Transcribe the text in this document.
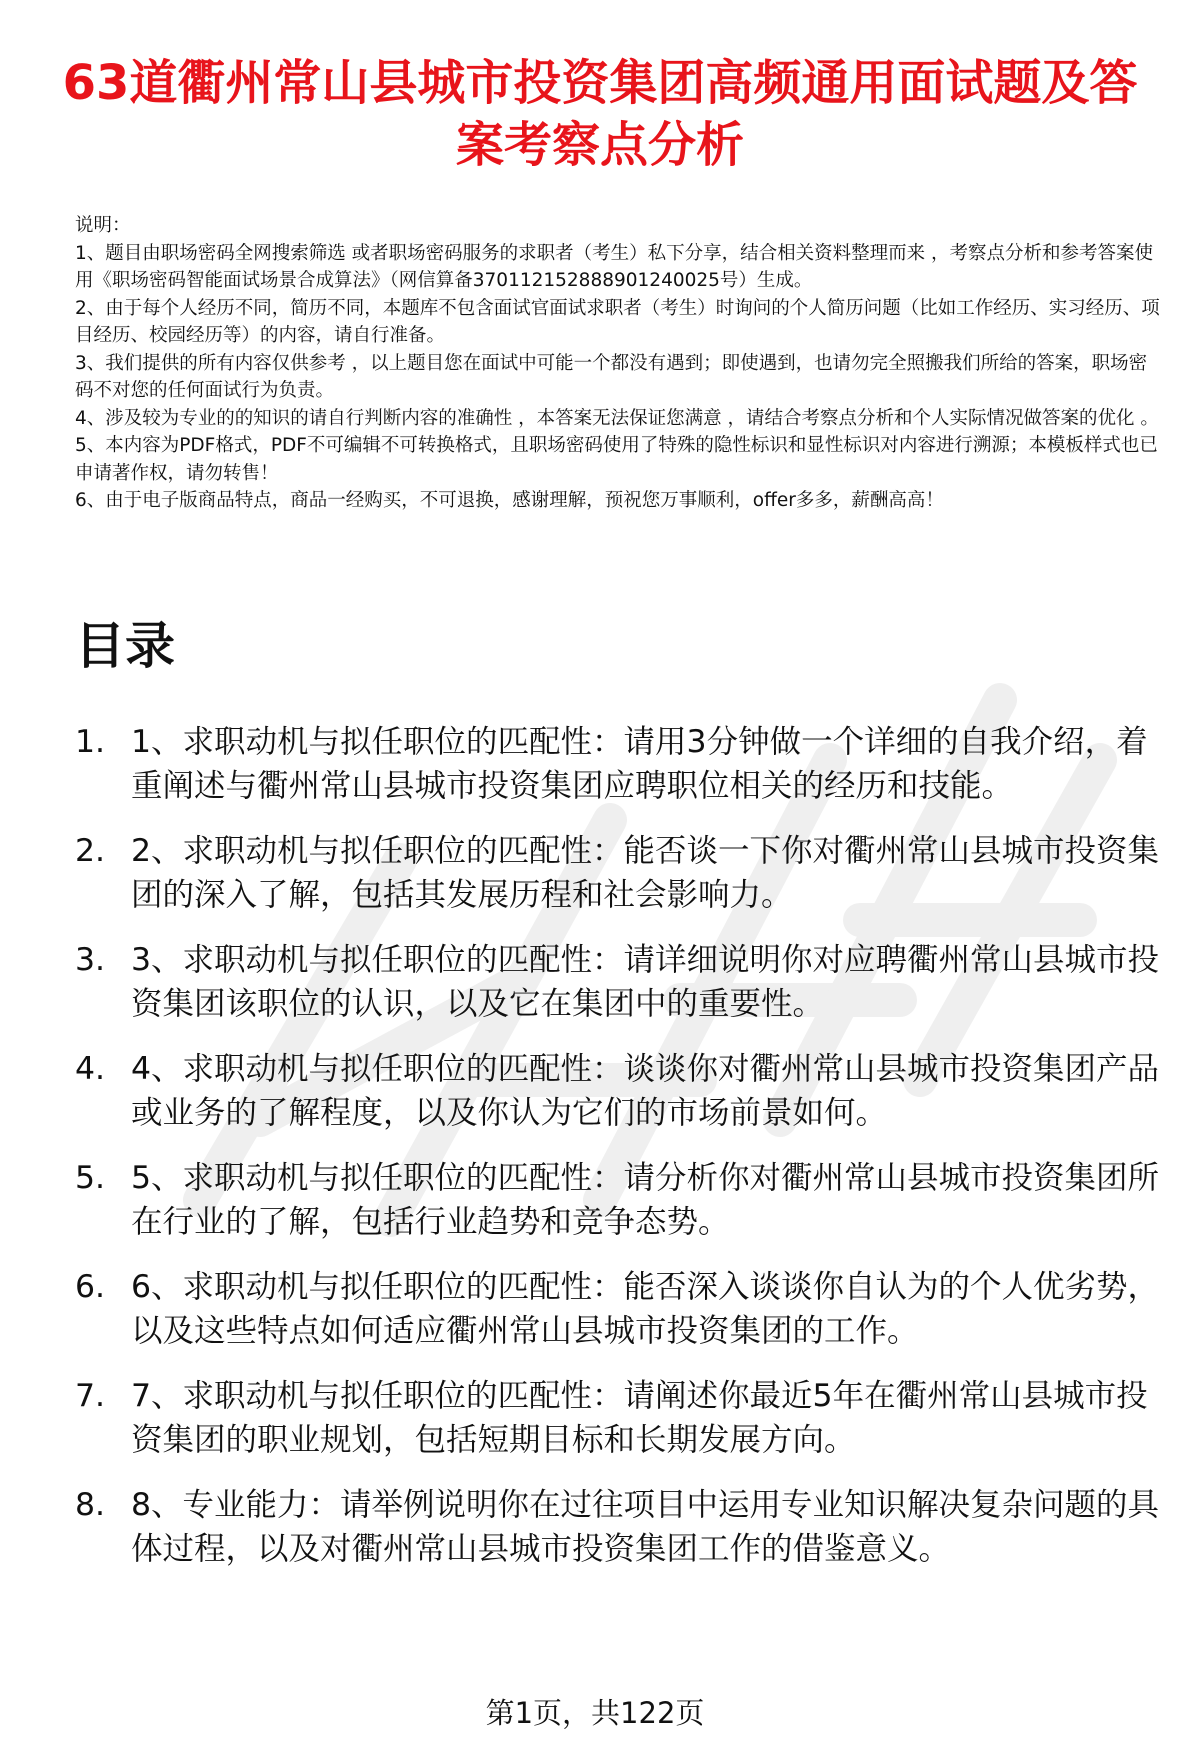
63道衢州常山县城市投资集团高频通用面试题及答案考察点分析

说明：

1、题目由职场密码全网搜索筛选 或者职场密码服务的求职者（考生）私下分享，结合相关资料整理而来 ，考察点分析和参考答案使用《职场密码智能面试场景合成算法》（网信算备370112152888901240025号）生成。

2、由于每个人经历不同，简历不同，本题库不包含面试官面试求职者（考生）时询问的个人简历问题（比如工作经历、实习经历、项目经历、校园经历等）的内容，请自行准备。

3、我们提供的所有内容仅供参考 ，以上题目您在面试中可能一个都没有遇到；即使遇到，也请勿完全照搬我们所给的答案，职场密码不对您的任何面试行为负责。

4、涉及较为专业的的知识的请自行判断内容的准确性 ，本答案无法保证您满意 ，请结合考察点分析和个人实际情况做答案的优化 。

5、本内容为PDF格式，PDF不可编辑不可转换格式，且职场密码使用了特殊的隐性标识和显性标识对内容进行溯源；本模板样式也已申请著作权，请勿转售！

6、由于电子版商品特点，商品一经购买，不可退换，感谢理解，预祝您万事顺利，offer多多，薪酬高高！

目录
1. 1、求职动机与拟任职位的匹配性：请用3分钟做一个详细的自我介绍，着重阐述与衢州常山县城市投资集团应聘职位相关的经历和技能。
2. 2、求职动机与拟任职位的匹配性：能否谈一下你对衢州常山县城市投资集团的深入了解，包括其发展历程和社会影响力。
3. 3、求职动机与拟任职位的匹配性：请详细说明你对应聘衢州常山县城市投资集团该职位的认识，以及它在集团中的重要性。
4. 4、求职动机与拟任职位的匹配性：谈谈你对衢州常山县城市投资集团产品或业务的了解程度，以及你认为它们的市场前景如何。
5. 5、求职动机与拟任职位的匹配性：请分析你对衢州常山县城市投资集团所在行业的了解，包括行业趋势和竞争态势。
6. 6、求职动机与拟任职位的匹配性：能否深入谈谈你自认为的个人优劣势，以及这些特点如何适应衢州常山县城市投资集团的工作。
7. 7、求职动机与拟任职位的匹配性：请阐述你最近5年在衢州常山县城市投资集团的职业规划，包括短期目标和长期发展方向。
8. 8、专业能力：请举例说明你在过往项目中运用专业知识解决复杂问题的具体过程，以及对衢州常山县城市投资集团工作的借鉴意义。
第1页，共122页
